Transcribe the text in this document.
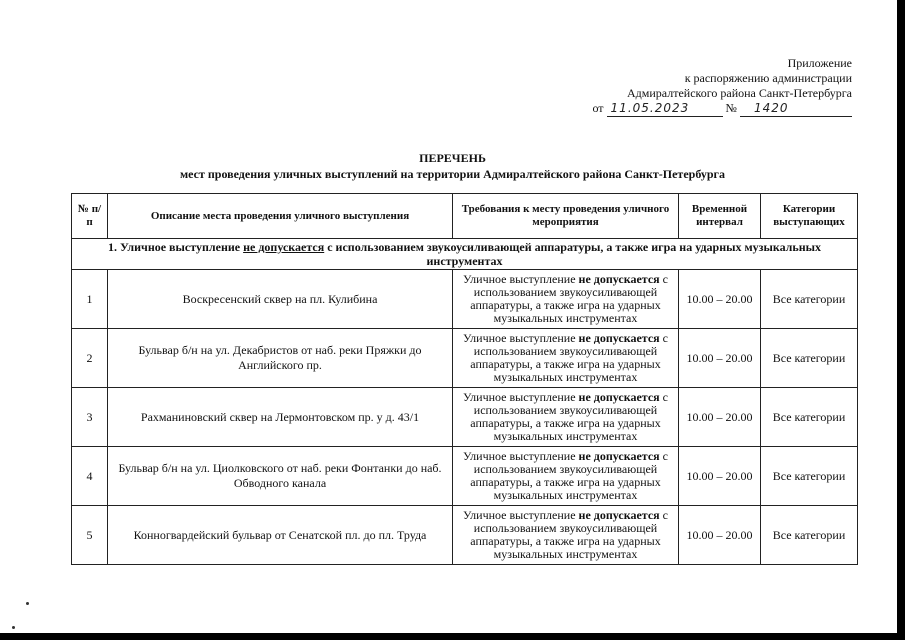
Приложение
к распоряжению администрации
Адмиралтейского района Санкт-Петербурга
от 11.05.2023	№ 1420
ПЕРЕЧЕНЬ
мест проведения уличных выступлений на территории Адмиралтейского района Санкт-Петербурга
№ п/п	Описание места проведения уличного выступления	Требования к месту проведения уличного мероприятия	Временной интервал	Категории выступающих
1. Уличное выступление не допускается с использованием звукоусиливающей аппаратуры, а также игра на ударных музыкальных инструментах				
1	Воскресенский сквер на пл. Кулибина	Уличное выступление не допускается с использованием звукоусиливающей аппаратуры, а также игра на ударных музыкальных инструментах	10.00 – 20.00	Все категории
2	Бульвар б/н на ул. Декабристов от наб. реки Пряжки до Английского пр.	Уличное выступление не допускается с использованием звукоусиливающей аппаратуры, а также игра на ударных музыкальных инструментах	10.00 – 20.00	Все категории
3	Рахманиновский сквер на Лермонтовском пр. у д. 43/1	Уличное выступление не допускается с использованием звукоусиливающей аппаратуры, а также игра на ударных музыкальных инструментах	10.00 – 20.00	Все категории
4	Бульвар б/н на ул. Циолковского от наб. реки Фонтанки до наб. Обводного канала	Уличное выступление не допускается с использованием звукоусиливающей аппаратуры, а также игра на ударных музыкальных инструментах	10.00 – 20.00	Все категории
5	Конногвардейский бульвар от Сенатской пл. до пл. Труда	Уличное выступление не допускается с использованием звукоусиливающей аппаратуры, а также игра на ударных музыкальных инструментах	10.00 – 20.00	Все категории
